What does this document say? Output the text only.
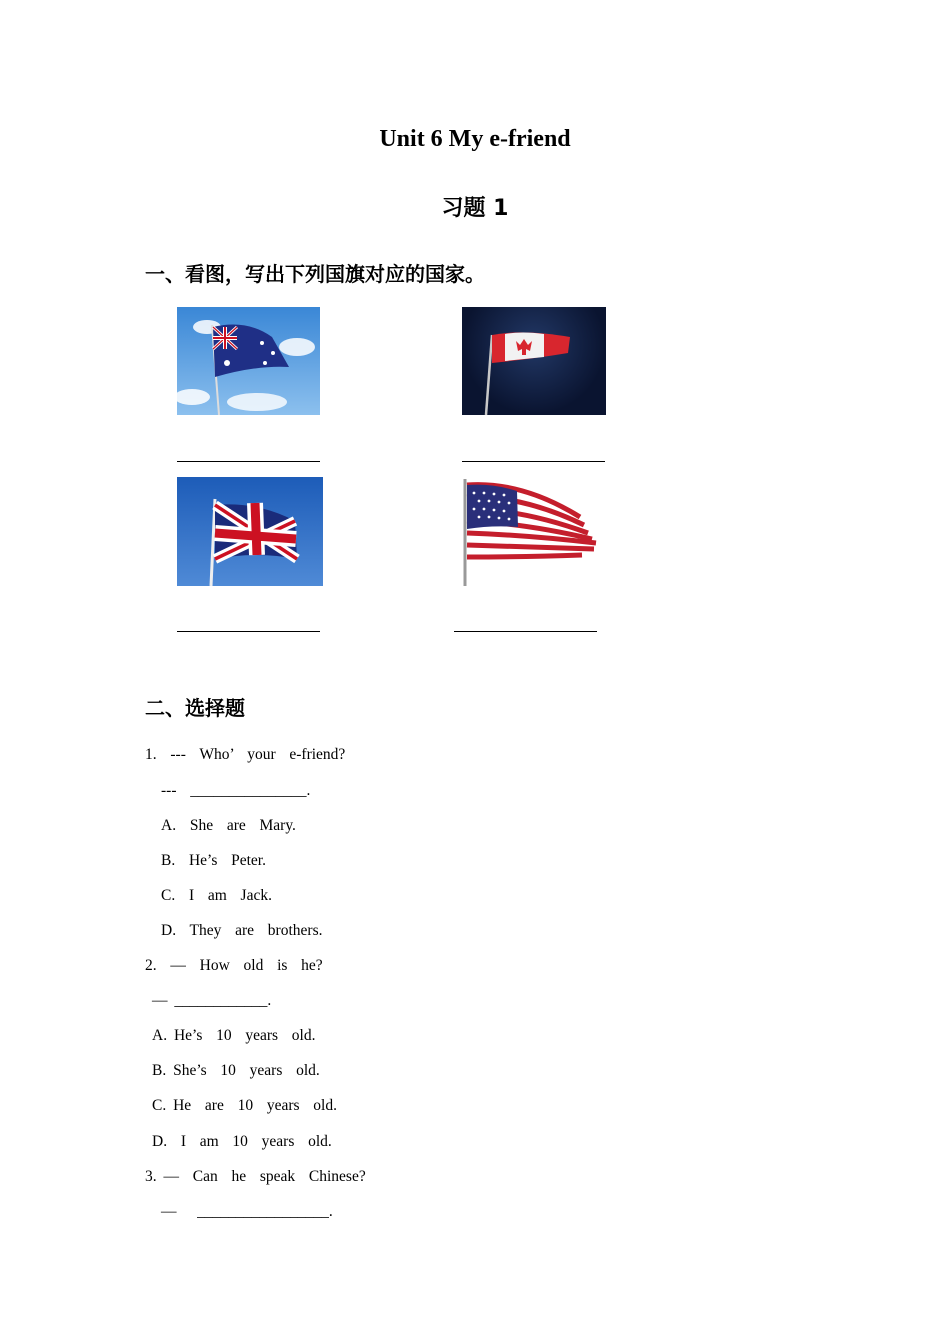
Unit 6 My e-friend
习题 1
一、看图，写出下列国旗对应的国家。
二、选择题
1.  ---  Who’  your  e-friend?
---  _______________.
A.  She  are  Mary.
B.  He’s  Peter.
C.  I  am  Jack.
D.  They  are  brothers.
2.  —  How  old  is  he?
— ____________.
A. He’s  10  years  old.
B. She’s  10  years  old.
C. He  are  10  years  old.
D.  I  am  10  years  old.
3. —  Can  he  speak  Chinese?
—   _________________.
